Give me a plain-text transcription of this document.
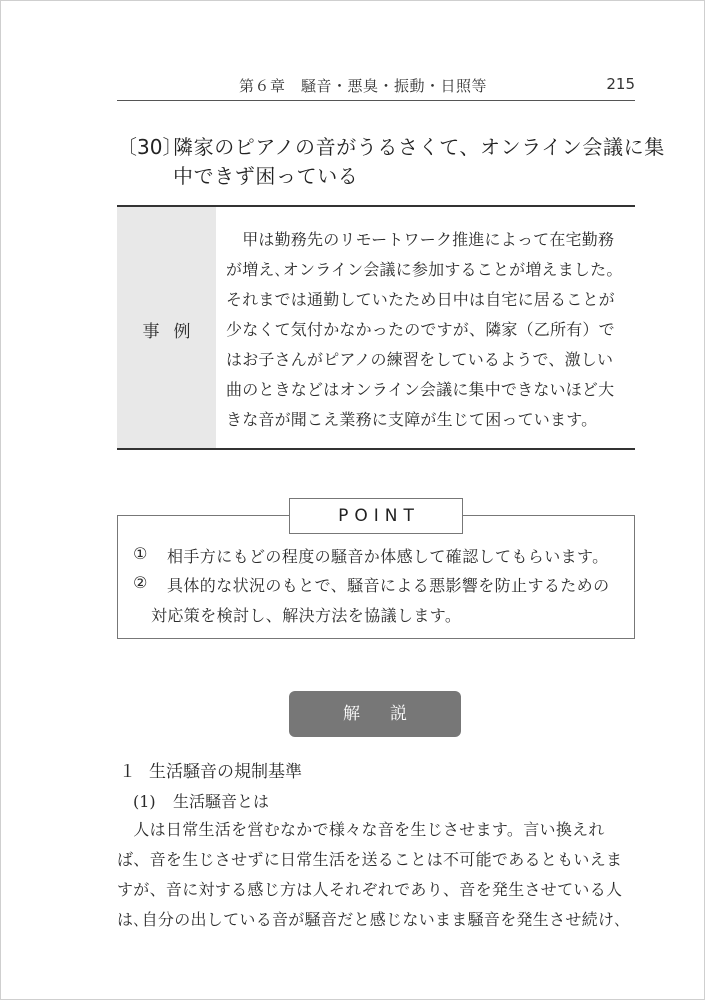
第６章　騒音・悪臭・振動・日照等	215
〔30〕
隣家のピアノの音がうるさくて、オンライン会議に集
中できず困っている
事例
　甲は勤務先のリモートワーク推進によって在宅勤務
が増え､オンライン会議に参加することが増えました。
それまでは通勤していたため日中は自宅に居ることが
少なくて気付かなかったのですが、隣家（乙所有）で
はお子さんがピアノの練習をしているようで、激しい
曲のときなどはオンライン会議に集中できないほど大
きな音が聞こえ業務に支障が生じて困っています。
POINT
① 相手方にもどの程度の騒音か体感して確認してもらいます。
② 具体的な状況のもとで、騒音による悪影響を防止するための
対応策を検討し、解決方法を協議します。
解説
１ 生活騒音の規制基準
(1) 生活騒音とは
　人は日常生活を営むなかで様々な音を生じさせます。言い換えれ
ば、音を生じさせずに日常生活を送ることは不可能であるともいえま
すが、音に対する感じ方は人それぞれであり、音を発生させている人
は､自分の出している音が騒音だと感じないまま騒音を発生させ続け､
